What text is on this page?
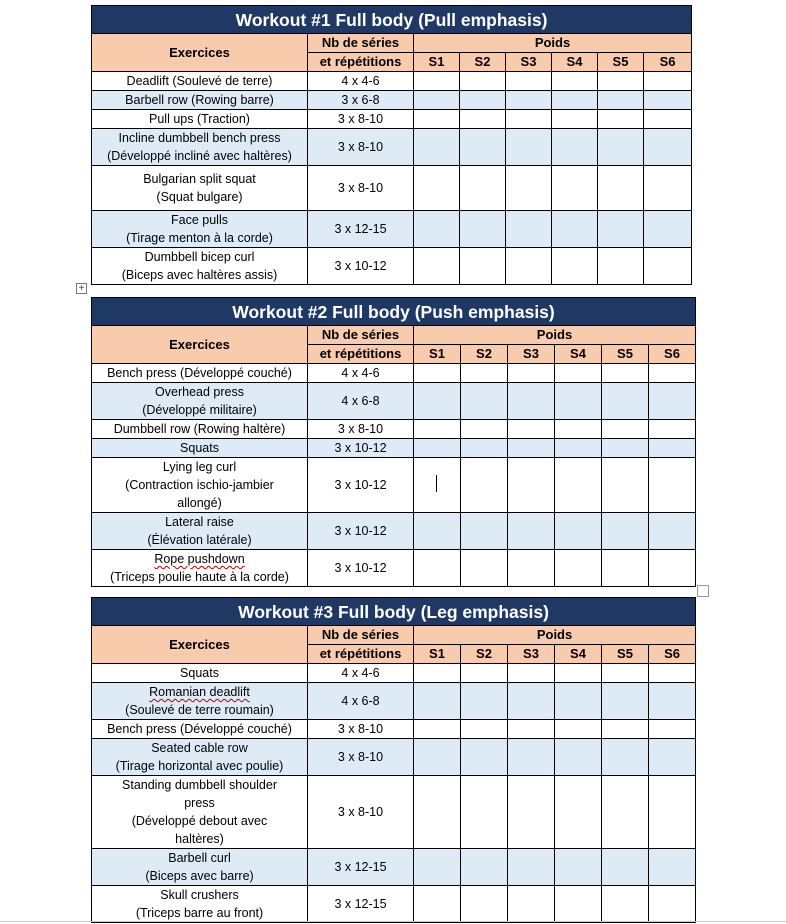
Workout #1 Full body (Pull emphasis)							
Exercices	Nb de séries	Poids					
	et répétitions	S1	S2	S3	S4	S5	S6

Deadlift (Soulevé de terre)	4 x 4-6						

Barbell row (Rowing barre)	3 x 6-8						

Pull ups (Traction)	3 x 8-10						

Incline dumbbell bench press
(Développé incliné avec haltères)	3 x 8-10						

Bulgarian split squat
(Squat bulgare)	3 x 8-10						

Face pulls
(Tirage menton à la corde)	3 x 12-15						

Dumbbell bicep curl
(Biceps avec haltères assis)	3 x 10-12						
+
Workout #2 Full body (Push emphasis)							
Exercices	Nb de séries	Poids					
	et répétitions	S1	S2	S3	S4	S5	S6

Bench press (Développé couché)	4 x 4-6						

Overhead press
(Développé militaire)	4 x 6-8						

Dumbbell row (Rowing haltère)	3 x 8-10						

Squats	3 x 10-12						

Lying leg curl
(Contraction ischio-jambier
allongé)	3 x 10-12						

Lateral raise
(Élévation latérale)	3 x 10-12						

Rope pushdown
(Triceps poulie haute à la corde)	3 x 10-12						
Workout #3 Full body (Leg emphasis)							
Exercices	Nb de séries	Poids					
	et répétitions	S1	S2	S3	S4	S5	S6

Squats	4 x 4-6						

Romanian deadlift
(Soulevé de terre roumain)	4 x 6-8						

Bench press (Développé couché)	3 x 8-10						

Seated cable row
(Tirage horizontal avec poulie)	3 x 8-10						

Standing dumbbell shoulder
press
(Développé debout avec
haltères)	3 x 8-10						

Barbell curl
(Biceps avec barre)	3 x 12-15						

Skull crushers
(Triceps barre au front)	3 x 12-15						
